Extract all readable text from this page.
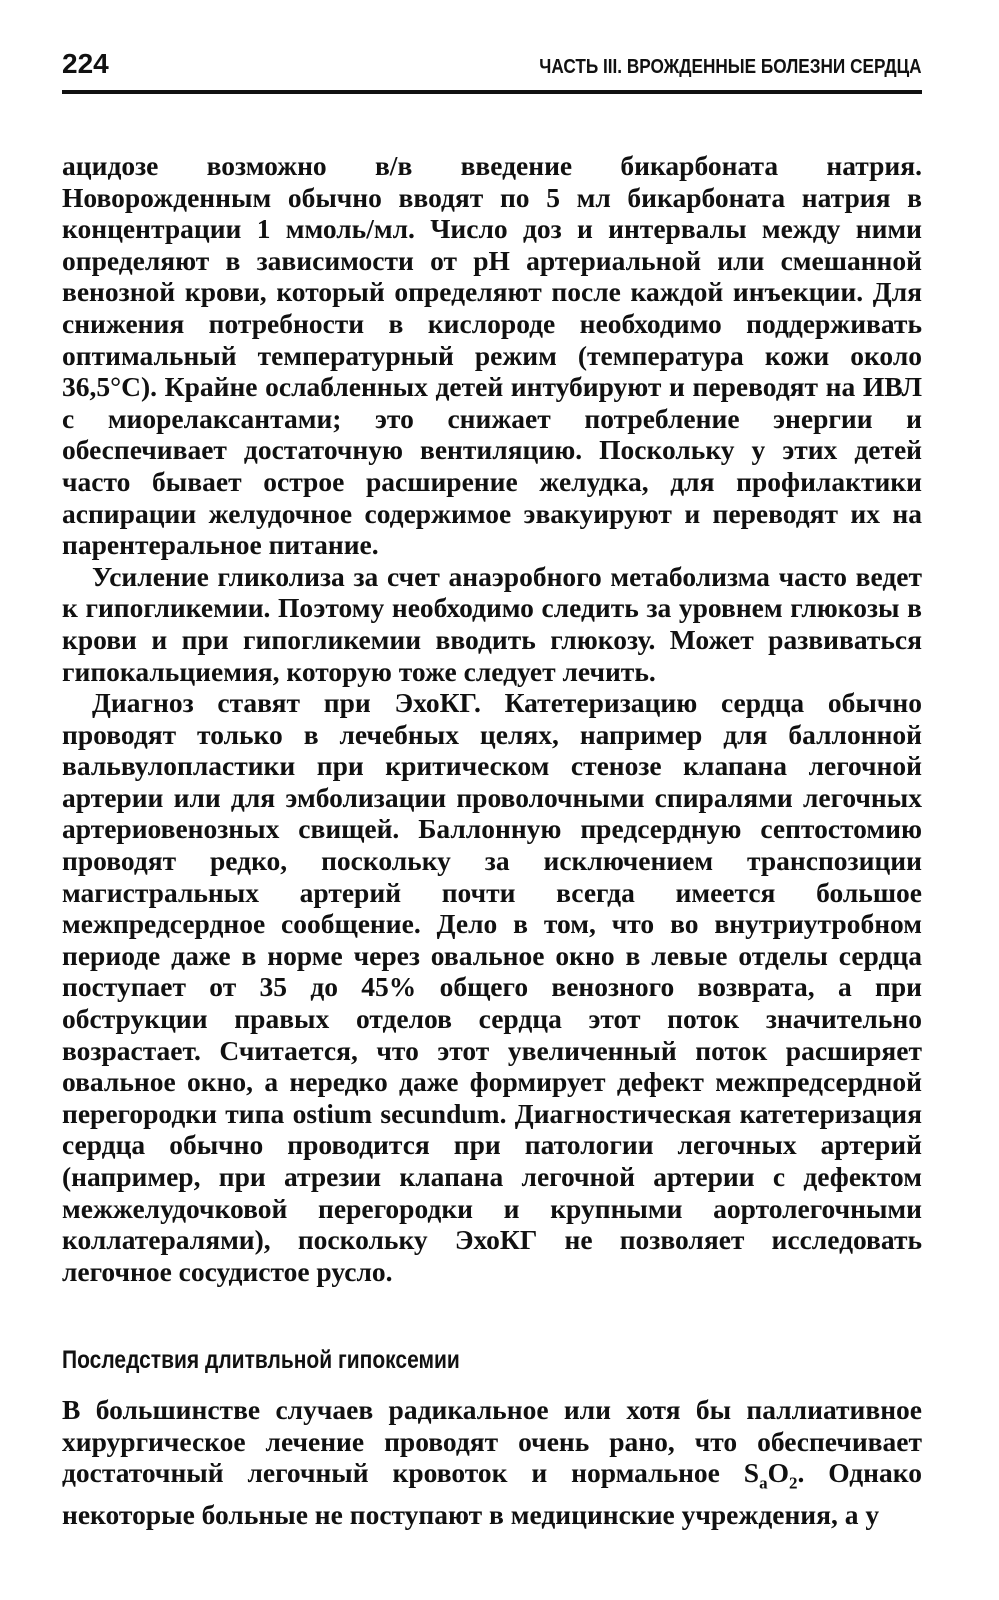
224	ЧАСТЬ III. ВРОЖДЕННЫЕ БОЛЕЗНИ СЕРДЦА

ацидозе возможно в/в введение бикарбоната натрия. Новорожденным обычно вводят по 5 мл бикарбоната натрия в концентрации 1 ммоль/мл. Число доз и интервалы между ними определяют в зависимости от pH артериальной или смешанной венозной крови, который определяют после каждой инъекции. Для снижения потребности в кислороде необходимо поддерживать оптимальный температурный режим (температура кожи около 36,5°С). Крайне ослабленных детей интубируют и переводят на ИВЛ с миорелаксантами; это снижает потребление энергии и обеспечивает достаточную вентиляцию. Поскольку у этих детей часто бывает острое расширение желудка, для профилактики аспирации желудочное содержимое эвакуируют и переводят их на парентеральное питание.

Усиление гликолиза за счет анаэробного метаболизма часто ведет к гипогликемии. Поэтому необходимо следить за уровнем глюкозы в крови и при гипогликемии вводить глюкозу. Может развиваться гипокальциемия, которую тоже следует лечить.

Диагноз ставят при ЭхоКГ. Катетеризацию сердца обычно проводят только в лечебных целях, например для баллонной вальвулопластики при критическом стенозе клапана легочной артерии или для эмболизации проволочными спиралями легочных артериовенозных свищей. Баллонную предсердную септостомию проводят редко, поскольку за исключением транспозиции магистральных артерий почти всегда имеется большое межпредсердное сообщение. Дело в том, что во внутриутробном периоде даже в норме через овальное окно в левые отделы сердца поступает от 35 до 45% общего венозного возврата, а при обструкции правых отделов сердца этот поток значительно возрастает. Считается, что этот увеличенный поток расширяет овальное окно, а нередко даже формирует дефект межпредсердной перегородки типа ostium secundum. Диагностическая катетеризация сердца обычно проводится при патологии легочных артерий (например, при атрезии клапана легочной артерии с дефектом межжелудочковой перегородки и крупными аортолегочными коллатералями), поскольку ЭхоКГ не позволяет исследовать легочное сосудистое русло.

Последствия длитвльной гипоксемии

В большинстве случаев радикальное или хотя бы паллиативное хирургическое лечение проводят очень рано, что обеспечивает достаточный легочный кровоток и нормальное $S_aO_2$. Однако некоторые больные не поступают в медицинские учреждения, а у
